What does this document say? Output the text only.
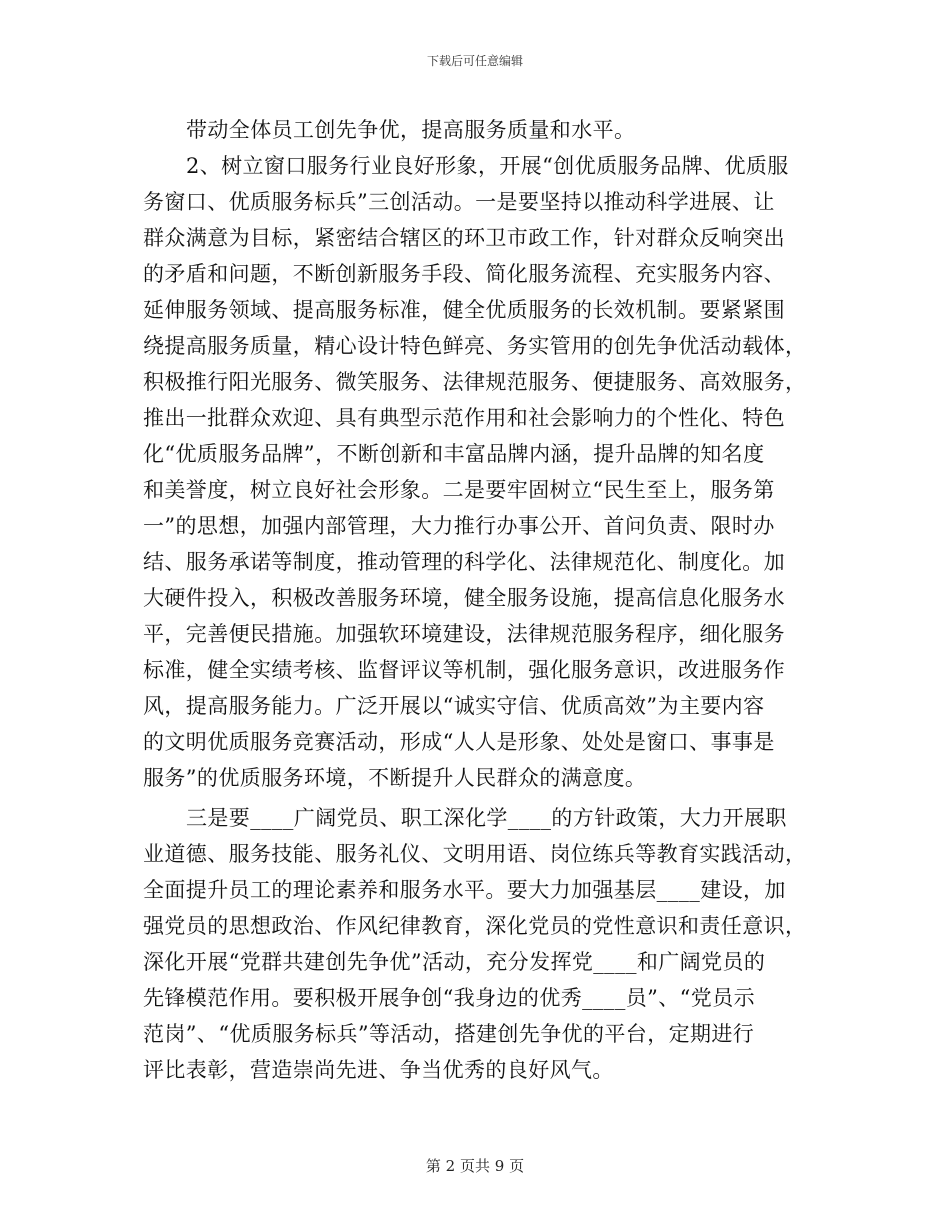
下载后可任意编辑
带动全体员工创先争优，提高服务质量和水平。
2、树立窗口服务行业良好形象，开展“创优质服务品牌、优质服
务窗口、优质服务标兵”三创活动。一是要坚持以推动科学进展、让
群众满意为目标，紧密结合辖区的环卫市政工作，针对群众反响突出
的矛盾和问题，不断创新服务手段、简化服务流程、充实服务内容、
延伸服务领域、提高服务标准，健全优质服务的长效机制。要紧紧围
绕提高服务质量，精心设计特色鲜亮、务实管用的创先争优活动载体，
积极推行阳光服务、微笑服务、法律规范服务、便捷服务、高效服务，
推出一批群众欢迎、具有典型示范作用和社会影响力的个性化、特色
化“优质服务品牌”，不断创新和丰富品牌内涵，提升品牌的知名度
和美誉度，树立良好社会形象。二是要牢固树立“民生至上，服务第
一”的思想，加强内部管理，大力推行办事公开、首问负责、限时办
结、服务承诺等制度，推动管理的科学化、法律规范化、制度化。加
大硬件投入，积极改善服务环境，健全服务设施，提高信息化服务水
平，完善便民措施。加强软环境建设，法律规范服务程序，细化服务
标准，健全实绩考核、监督评议等机制，强化服务意识，改进服务作
风，提高服务能力。广泛开展以“诚实守信、优质高效”为主要内容
的文明优质服务竞赛活动，形成“人人是形象、处处是窗口、事事是
服务”的优质服务环境，不断提升人民群众的满意度。
三是要____广阔党员、职工深化学____的方针政策，大力开展职
业道德、服务技能、服务礼仪、文明用语、岗位练兵等教育实践活动，
全面提升员工的理论素养和服务水平。要大力加强基层____建设，加
强党员的思想政治、作风纪律教育，深化党员的党性意识和责任意识，
深化开展“党群共建创先争优”活动，充分发挥党____和广阔党员的
先锋模范作用。要积极开展争创“我身边的优秀____员”、“党员示
范岗”、“优质服务标兵”等活动，搭建创先争优的平台，定期进行
评比表彰，营造崇尚先进、争当优秀的良好风气。
第 2 页共 9 页
